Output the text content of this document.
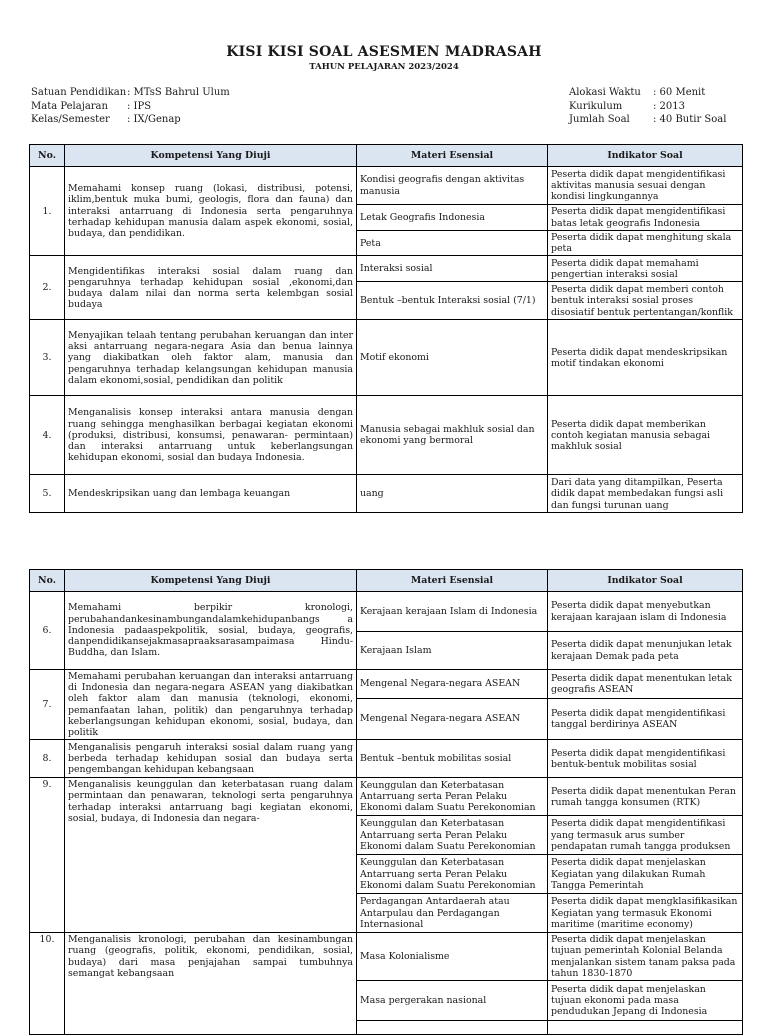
KISI KISI SOAL ASESMEN MADRASAH
TAHUN PELAJARAN 2023/2024
Satuan Pendidikan : MTsS Bahrul Ulum
Mata Pelajaran	: IPS
Kelas/Semester	: IX/Genap
Alokasi Waktu	: 60 Menit
Kurikulum	: 2013
Jumlah Soal	: 40 Butir Soal
No.	Kompetensi Yang Diuji	Materi Esensial	Indikator Soal
1.	Memahami konsep ruang (lokasi, distribusi, potensi, iklim,bentuk muka bumi, geologis, flora dan fauna) dan interaksi antarruang di Indonesia serta pengaruhnya terhadap kehidupan manusia dalam aspek ekonomi, sosial, budaya, dan pendidikan.	Kondisi geografis dengan aktivitas manusia	Peserta didik dapat mengidentifikasi aktivitas manusia sesuai dengan kondisi lingkungannya
		Letak Geografis Indonesia	Peserta didik dapat mengidentifikasi batas letak geografis Indonesia
		Peta	Peserta didik dapat menghitung skala peta
2.	Mengidentifikas interaksi sosial dalam ruang dan pengaruhnya terhadap kehidupan sosial ,ekonomi,dan budaya dalam nilai dan norma serta kelembgan sosial budaya	Interaksi sosial	Peserta didik dapat memahami pengertian interaksi sosial
		Bentuk –bentuk Interaksi sosial (7/1)	Peserta didik dapat memberi contoh bentuk interaksi sosial proses disosiatif bentuk pertentangan/konflik
3.	Menyajikan telaah tentang perubahan keruangan dan inter aksi antarruang negara-negara Asia dan benua lainnya yang diakibatkan oleh faktor alam, manusia dan pengaruhnya terhadap kelangsungan kehidupan manusia dalam ekonomi,sosial, pendidikan dan politik	Motif ekonomi	Peserta didik dapat mendeskripsikan motif tindakan ekonomi
4.	Menganalisis konsep interaksi antara manusia dengan ruang sehingga menghasilkan berbagai kegiatan ekonomi (produksi, distribusi, konsumsi, penawaran- permintaan) dan interaksi antarruang untuk keberlangsungan kehidupan ekonomi, sosial dan budaya Indonesia.	Manusia sebagai makhluk sosial dan ekonomi yang bermoral	Peserta didik dapat memberikan contoh kegiatan manusia sebagai makhluk sosial
5.	Mendeskripsikan uang dan lembaga keuangan	uang	Dari data yang ditampilkan, Peserta didik dapat membedakan fungsi asli dan fungsi turunan uang
No.	Kompetensi Yang Diuji	Materi Esensial	Indikator Soal
6.	Memahami berpikir kronologi, perubahandankesinambungandalamkehidupanbangs a Indonesia padaaspekpolitik, sosial, budaya, geografis, danpendidikansejakmasapraaksarasampaimasa Hindu-Buddha, dan Islam.	Kerajaan kerajaan Islam di Indonesia	Peserta didik dapat menyebutkan kerajaan karajaan islam di Indonesia
		Kerajaan Islam	Peserta didik dapat menunjukan letak kerajaan Demak pada peta
7.	Memahami perubahan keruangan dan interaksi antarruang di Indonesia dan negara-negara ASEAN yang diakibatkan oleh faktor alam dan manusia (teknologi, ekonomi, pemanfaatan lahan, politik) dan pengaruhnya terhadap keberlangsungan kehidupan ekonomi, sosial, budaya, dan politik	Mengenal Negara-negara ASEAN	Peserta didik dapat menentukan letak geografis ASEAN
		Mengenal Negara-negara ASEAN	Peserta didik dapat mengidentifikasi tanggal berdirinya ASEAN
8.	Menganalisis pengaruh interaksi sosial dalam ruang yang berbeda terhadap kehidupan sosial dan budaya serta pengembangan kehidupan kebangsaan	Bentuk –bentuk mobilitas sosial	Peserta didik dapat mengidentifikasi bentuk-bentuk mobilitas sosial
9.	Menganalisis keunggulan dan keterbatasan ruang dalam permintaan dan penawaran, teknologi serta pengaruhnya terhadap interaksi antarruang bagi kegiatan ekonomi, sosial, budaya, di Indonesia dan negara-	Keunggulan dan Keterbatasan Antarruang serta Peran Pelaku Ekonomi dalam Suatu Perekonomian	Peserta didik dapat menentukan Peran rumah tangga konsumen (RTK)
		Keunggulan dan Keterbatasan Antarruang serta Peran Pelaku Ekonomi dalam Suatu Perekonomian	Peserta didik dapat mengidentifikasi yang termasuk arus sumber pendapatan rumah tangga produksen
		Keunggulan dan Keterbatasan Antarruang serta Peran Pelaku Ekonomi dalam Suatu Perekonomian	Peserta didik dapat menjelaskan Kegiatan yang dilakukan Rumah Tangga Pemerintah
		Perdagangan Antardaerah atau Antarpulau dan Perdagangan Internasional	Peserta didik dapat mengklasifikasikan Kegiatan yang termasuk Ekonomi maritime (maritime economy)
10.	Menganalisis kronologi, perubahan dan kesinambungan ruang (geografis, politik, ekonomi, pendidikan, sosial, budaya) dari masa penjajahan sampai tumbuhnya semangat kebangsaan	Masa Kolonialisme	Peserta didik dapat menjelaskan tujuan pemerintah Kolonial Belanda menjalankan sistem tanam paksa pada tahun 1830-1870
		Masa pergerakan nasional	Peserta didik dapat menjelaskan tujuan ekonomi pada masa pendudukan Jepang di Indonesia
